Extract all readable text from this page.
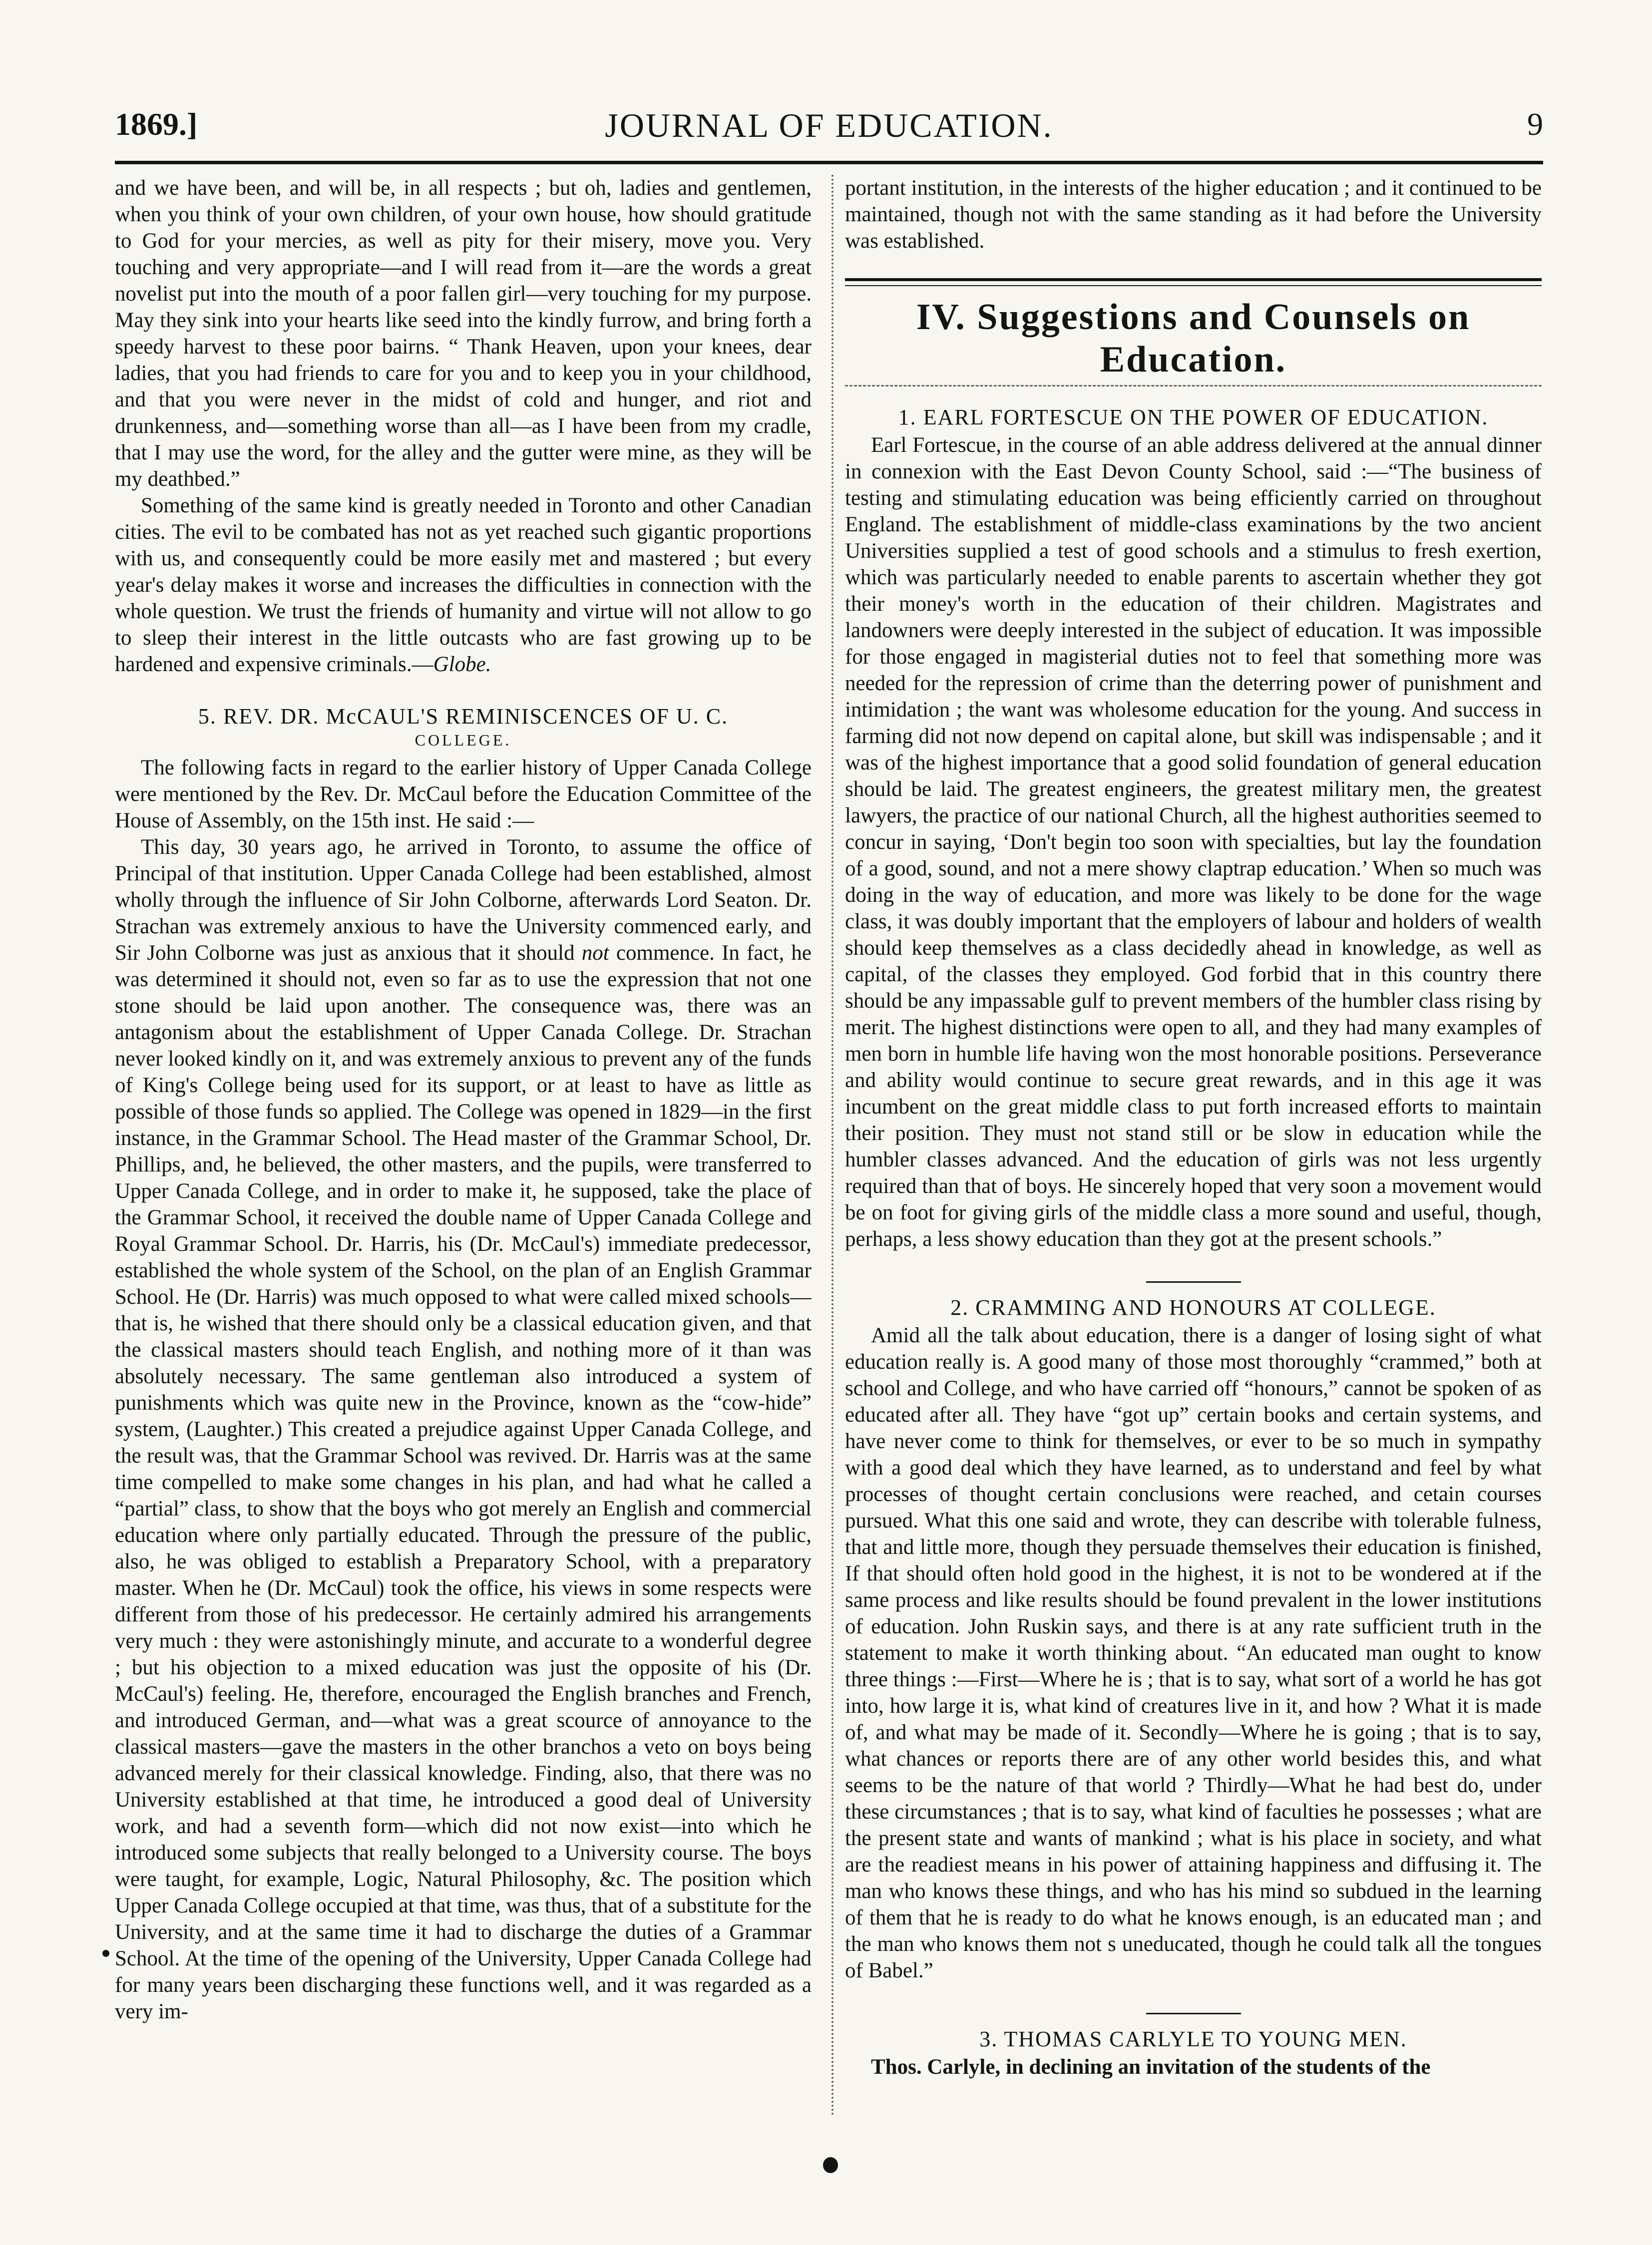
1869.]	JOURNAL OF EDUCATION.	9

and we have been, and will be, in all respects ; but oh, ladies and gentlemen, when you think of your own children, of your own house, how should gratitude to God for your mercies, as well as pity for their misery, move you. Very touching and very appropriate—and I will read from it—are the words a great novelist put into the mouth of a poor fallen girl—very touching for my purpose. May they sink into your hearts like seed into the kindly furrow, and bring forth a speedy harvest to these poor bairns. “ Thank Heaven, upon your knees, dear ladies, that you had friends to care for you and to keep you in your childhood, and that you were never in the midst of cold and hunger, and riot and drunkenness, and—something worse than all—as I have been from my cradle, that I may use the word, for the alley and the gutter were mine, as they will be my deathbed.”

Something of the same kind is greatly needed in Toronto and other Canadian cities. The evil to be combated has not as yet reached such gigantic proportions with us, and consequently could be more easily met and mastered ; but every year's delay makes it worse and increases the difficulties in connection with the whole question. We trust the friends of humanity and virtue will not allow to go to sleep their interest in the little outcasts who are fast growing up to be hardened and expensive criminals.—Globe.

5. REV. DR. McCAUL'S REMINISCENCES OF U. C.
COLLEGE.

The following facts in regard to the earlier history of Upper Canada College were mentioned by the Rev. Dr. McCaul before the Education Committee of the House of Assembly, on the 15th inst. He said :—

This day, 30 years ago, he arrived in Toronto, to assume the office of Principal of that institution. Upper Canada College had been established, almost wholly through the influence of Sir John Colborne, afterwards Lord Seaton. Dr. Strachan was extremely anxious to have the University commenced early, and Sir John Colborne was just as anxious that it should not commence. In fact, he was determined it should not, even so far as to use the expression that not one stone should be laid upon another. The consequence was, there was an antagonism about the establishment of Upper Canada College. Dr. Strachan never looked kindly on it, and was extremely anxious to prevent any of the funds of King's College being used for its support, or at least to have as little as possible of those funds so applied. The College was opened in 1829—in the first instance, in the Grammar School. The Head master of the Grammar School, Dr. Phillips, and, he believed, the other masters, and the pupils, were transferred to Upper Canada College, and in order to make it, he supposed, take the place of the Grammar School, it received the double name of Upper Canada College and Royal Grammar School. Dr. Harris, his (Dr. McCaul's) immediate predecessor, established the whole system of the School, on the plan of an English Grammar School. He (Dr. Harris) was much opposed to what were called mixed schools—that is, he wished that there should only be a classical education given, and that the classical masters should teach English, and nothing more of it than was absolutely necessary. The same gentleman also introduced a system of punishments which was quite new in the Province, known as the “cow-hide” system, (Laughter.) This created a prejudice against Upper Canada College, and the result was, that the Grammar School was revived. Dr. Harris was at the same time compelled to make some changes in his plan, and had what he called a “partial” class, to show that the boys who got merely an English and commercial education where only partially educated. Through the pressure of the public, also, he was obliged to establish a Preparatory School, with a preparatory master. When he (Dr. McCaul) took the office, his views in some respects were different from those of his predecessor. He certainly admired his arrangements very much : they were astonishingly minute, and accurate to a wonderful degree ; but his objection to a mixed education was just the opposite of his (Dr. McCaul's) feeling. He, therefore, encouraged the English branches and French, and introduced German, and—what was a great scource of annoyance to the classical masters—gave the masters in the other branchos a veto on boys being advanced merely for their classical knowledge. Finding, also, that there was no University established at that time, he introduced a good deal of University work, and had a seventh form—which did not now exist—into which he introduced some subjects that really belonged to a University course. The boys were taught, for example, Logic, Natural Philosophy, &c. The position which Upper Canada College occupied at that time, was thus, that of a substitute for the University, and at the same time it had to discharge the duties of a Grammar School. At the time of the opening of the University, Upper Canada College had for many years been discharging these functions well, and it was regarded as a very im-

portant institution, in the interests of the higher education ; and it continued to be maintained, though not with the same standing as it had before the University was established.

IV. Suggestions and Counsels on Education.
1. EARL FORTESCUE ON THE POWER OF EDUCATION.

Earl Fortescue, in the course of an able address delivered at the annual dinner in connexion with the East Devon County School, said :—“The business of testing and stimulating education was being efficiently carried on throughout England. The establishment of middle-class examinations by the two ancient Universities supplied a test of good schools and a stimulus to fresh exertion, which was particularly needed to enable parents to ascertain whether they got their money's worth in the education of their children. Magistrates and landowners were deeply interested in the subject of education. It was impossible for those engaged in magisterial duties not to feel that something more was needed for the repression of crime than the deterring power of punishment and intimidation ; the want was wholesome education for the young. And success in farming did not now depend on capital alone, but skill was indispensable ; and it was of the highest importance that a good solid foundation of general education should be laid. The greatest engineers, the greatest military men, the greatest lawyers, the practice of our national Church, all the highest authorities seemed to concur in saying, ‘Don't begin too soon with specialties, but lay the foundation of a good, sound, and not a mere showy claptrap education.’ When so much was doing in the way of education, and more was likely to be done for the wage class, it was doubly important that the employers of labour and holders of wealth should keep themselves as a class decidedly ahead in knowledge, as well as capital, of the classes they employed. God forbid that in this country there should be any impassable gulf to prevent members of the humbler class rising by merit. The highest distinctions were open to all, and they had many examples of men born in humble life having won the most honorable positions. Perseverance and ability would continue to secure great rewards, and in this age it was incumbent on the great middle class to put forth increased efforts to maintain their position. They must not stand still or be slow in education while the humbler classes advanced. And the education of girls was not less urgently required than that of boys. He sincerely hoped that very soon a movement would be on foot for giving girls of the middle class a more sound and useful, though, perhaps, a less showy education than they got at the present schools.”

2. CRAMMING AND HONOURS AT COLLEGE.

Amid all the talk about education, there is a danger of losing sight of what education really is. A good many of those most thoroughly “crammed,” both at school and College, and who have carried off “honours,” cannot be spoken of as educated after all. They have “got up” certain books and certain systems, and have never come to think for themselves, or ever to be so much in sympathy with a good deal which they have learned, as to understand and feel by what processes of thought certain conclusions were reached, and cetain courses pursued. What this one said and wrote, they can describe with tolerable fulness, that and little more, though they persuade themselves their education is finished, If that should often hold good in the highest, it is not to be wondered at if the same process and like results should be found prevalent in the lower institutions of education. John Ruskin says, and there is at any rate sufficient truth in the statement to make it worth thinking about. “An educated man ought to know three things :—First—Where he is ; that is to say, what sort of a world he has got into, how large it is, what kind of creatures live in it, and how ? What it is made of, and what may be made of it. Secondly—Where he is going ; that is to say, what chances or reports there are of any other world besides this, and what seems to be the nature of that world ? Thirdly—What he had best do, under these circumstances ; that is to say, what kind of faculties he possesses ; what are the present state and wants of mankind ; what is his place in society, and what are the readiest means in his power of attaining happiness and diffusing it. The man who knows these things, and who has his mind so subdued in the learning of them that he is ready to do what he knows enough, is an educated man ; and the man who knows them not s uneducated, though he could talk all the tongues of Babel.”

3. THOMAS CARLYLE TO YOUNG MEN.

Thos. Carlyle, in declining an invitation of the students of the
